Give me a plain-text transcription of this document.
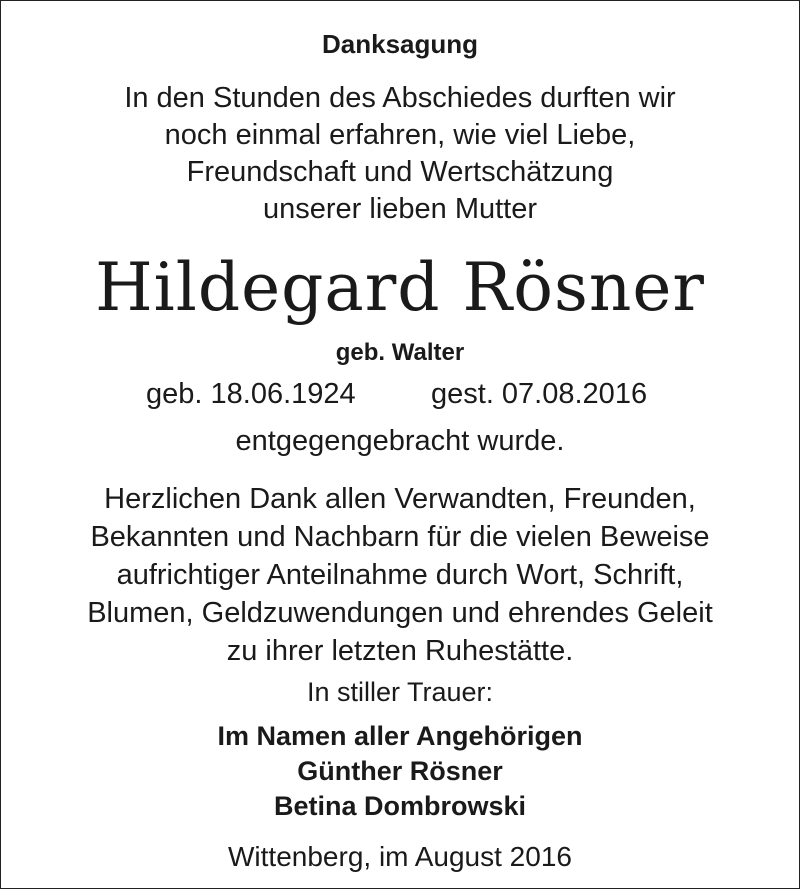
Danksagung
In den Stunden des Abschiedes durften wir
noch einmal erfahren, wie viel Liebe,
Freundschaft und Wertschätzung
unserer lieben Mutter
Hildegard Rösner
geb. Walter
geb. 18.06.1924	gest. 07.08.2016
entgegengebracht wurde.
Herzlichen Dank allen Verwandten, Freunden,
Bekannten und Nachbarn für die vielen Beweise
aufrichtiger Anteilnahme durch Wort, Schrift,
Blumen, Geldzuwendungen und ehrendes Geleit
zu ihrer letzten Ruhestätte.
In stiller Trauer:
Im Namen aller Angehörigen
Günther Rösner
Betina Dombrowski
Wittenberg, im August 2016
